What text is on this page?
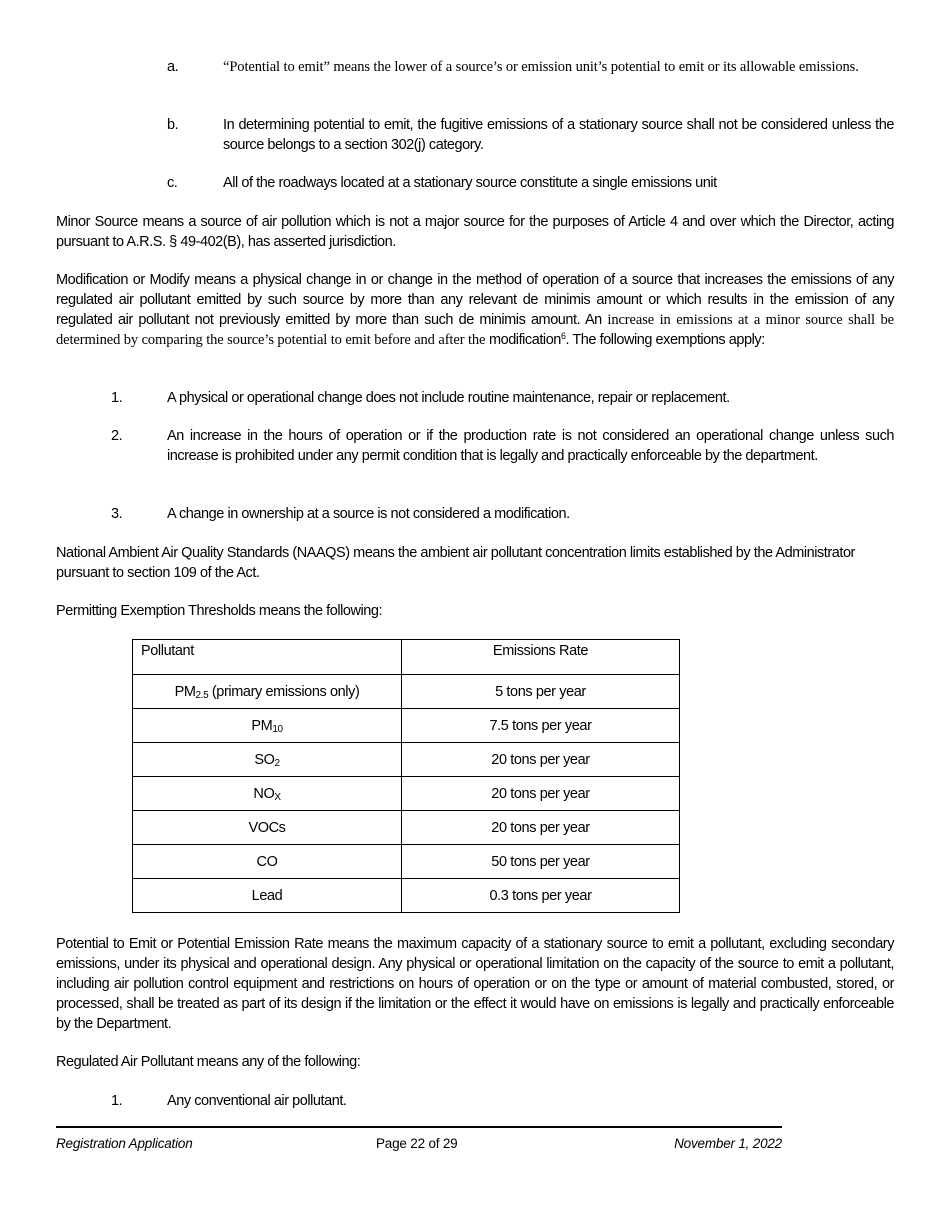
a.	“Potential to emit” means the lower of a source’s or emission unit’s potential to emit or its allowable emissions.
b.	In determining potential to emit, the fugitive emissions of a stationary source shall not be considered unless the source belongs to a section 302(j) category.
c.	All of the roadways located at a stationary source constitute a single emissions unit
Minor Source means a source of air pollution which is not a major source for the purposes of Article 4 and over which the Director, acting pursuant to A.R.S. § 49-402(B), has asserted jurisdiction.
Modification or Modify means a physical change in or change in the method of operation of a source that increases the emissions of any regulated air pollutant emitted by such source by more than any relevant de minimis amount or which results in the emission of any regulated air pollutant not previously emitted by more than such de minimis amount. An increase in emissions at a minor source shall be determined by comparing the source’s potential to emit before and after the modification$^6$. The following exemptions apply:
1.	A physical or operational change does not include routine maintenance, repair or replacement.
2.	An increase in the hours of operation or if the production rate is not considered an operational change unless such increase is prohibited under any permit condition that is legally and practically enforceable by the department.
3.	A change in ownership at a source is not considered a modification.
National Ambient Air Quality Standards (NAAQS) means the ambient air pollutant concentration limits established by the Administrator pursuant to section 109 of the Act.
Permitting Exemption Thresholds means the following:
Pollutant	Emissions Rate
$PM_{2.5}$ (primary emissions only)	5 tons per year
$PM_{10}$	7.5 tons per year
$SO_2$	20 tons per year
$NO_X$	20 tons per year
VOCs	20 tons per year
CO	50 tons per year
Lead	0.3 tons per year
Potential to Emit or Potential Emission Rate means the maximum capacity of a stationary source to emit a pollutant, excluding secondary emissions, under its physical and operational design. Any physical or operational limitation on the capacity of the source to emit a pollutant, including air pollution control equipment and restrictions on hours of operation or on the type or amount of material combusted, stored, or processed, shall be treated as part of its design if the limitation or the effect it would have on emissions is legally and practically enforceable by the Department.
Regulated Air Pollutant means any of the following:
1.	Any conventional air pollutant.
Registration Application	Page 22 of 29	November 1, 2022
